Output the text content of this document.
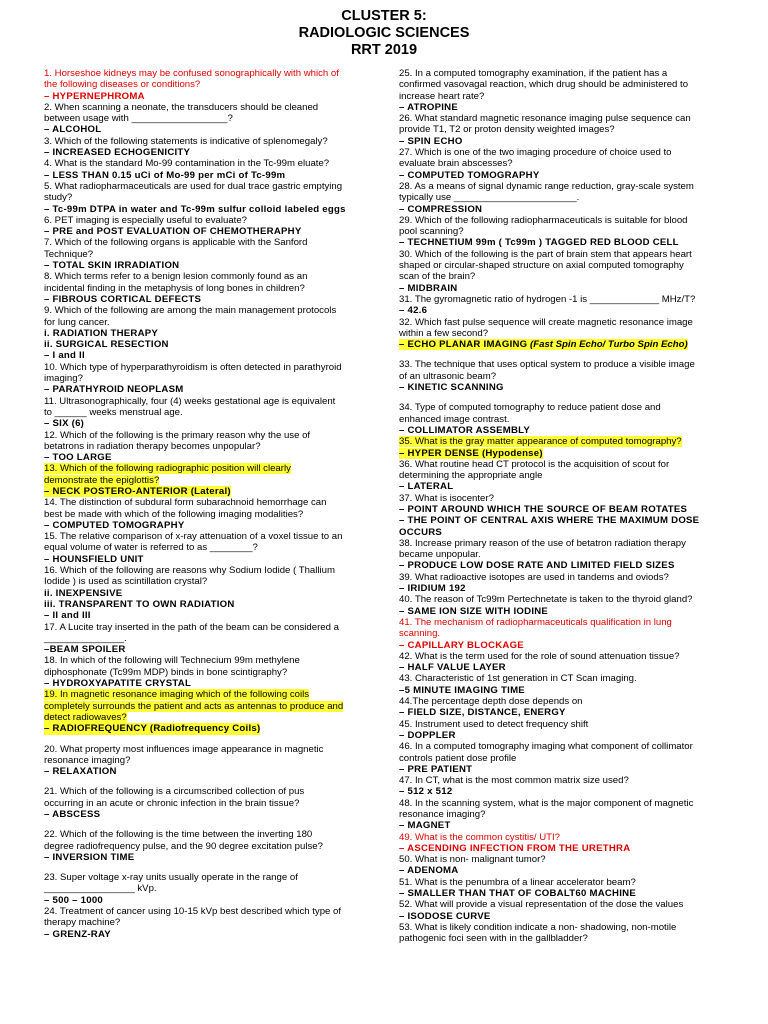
CLUSTER 5:
RADIOLOGIC SCIENCES
RRT 2019
1. Horseshoe kidneys may be confused sonographically with which of
the following diseases or conditions?
– HYPERNEPHROMA
2. When scanning a neonate, the transducers should be cleaned
between usage with __________________?
– ALCOHOL
3. Which of the following statements is indicative of splenomegaly?
– INCREASED ECHOGENICITY
4. What is the standard Mo-99 contamination in the Tc-99m eluate?
– LESS THAN 0.15 uCi of Mo-99 per mCi of Tc-99m
5. What radiopharmaceuticals are used for dual trace gastric emptying
study?
– Tc-99m DTPA in water and Tc-99m sulfur colloid labeled eggs
6. PET imaging is especially useful to evaluate?
– PRE and POST EVALUATION OF CHEMOTHERAPHY
7. Which of the following organs is applicable with the Sanford
Technique?
– TOTAL SKIN IRRADIATION
8. Which terms refer to a benign lesion commonly found as an
incidental finding in the metaphysis of long bones in children?
– FIBROUS CORTICAL DEFECTS
9. Which of the following are among the main management protocols
for lung cancer.
i. RADIATION THERAPY
ii. SURGICAL RESECTION
– I and II
10. Which type of hyperparathyroidism is often detected in parathyroid
imaging?
– PARATHYROID NEOPLASM
11. Ultrasonographically, four (4) weeks gestational age is equivalent
to ______ weeks menstrual age.
– SIX (6)
12. Which of the following is the primary reason why the use of
betatrons in radiation therapy becomes unpopular?
– TOO LARGE
13. Which of the following radiographic position will clearly
demonstrate the epiglottis?
– NECK POSTERO-ANTERIOR (Lateral)

14. The distinction of subdural form subarachnoid hemorrhage can
best be made with which of the following imaging modalities?
– COMPUTED TOMOGRAPHY
15. The relative comparison of x-ray attenuation of a voxel tissue to an
equal volume of water is referred to as ________?
– HOUNSFIELD UNIT
16. Which of the following are reasons why Sodium Iodide ( Thallium
Iodide ) is used as scintillation crystal?
ii. INEXPENSIVE
iii. TRANSPARENT TO OWN RADIATION
– II and III
17. A Lucite tray inserted in the path of the beam can be considered a
_______________.
–BEAM SPOILER
18. In which of the following will Technecium 99m methylene
diphosphonate (Tc99m MDP) binds in bone scintigraphy?
– HYDROXYAPATITE CRYSTAL
19. In magnetic resonance imaging which of the following coils
completely surrounds the patient and acts as antennas to produce and
detect radiowaves?
– RADIOFREQUENCY (Radiofrequency Coils)

20. What property most influences image appearance in magnetic
resonance imaging?
– RELAXATION
21. Which of the following is a circumscribed collection of pus
occurring in an acute or chronic infection in the brain tissue?
– ABSCESS
22. Which of the following is the time between the inverting 180
degree radiofrequency pulse, and the 90 degree excitation pulse?
– INVERSION TIME
23. Super voltage x-ray units usually operate in the range of
_________________ kVp.
– 500 – 1000
24. Treatment of cancer using 10-15 kVp best described which type of
therapy machine?
– GRENZ-RAY
25. In a computed tomography examination, if the patient has a
confirmed vasovagal reaction, which drug should be administered to
increase heart rate?
– ATROPINE
26. What standard magnetic resonance imaging pulse sequence can
provide T1, T2 or proton density weighted images?
– SPIN ECHO
27. Which is one of the two imaging procedure of choice used to
evaluate brain abscesses?
– COMPUTED TOMOGRAPHY
28. As a means of signal dynamic range reduction, gray-scale system
typically use _______________________.
– COMPRESSION
29. Which of the following radiopharmaceuticals is suitable for blood
pool scanning?
– TECHNETIUM 99m ( Tc99m ) TAGGED RED BLOOD CELL
30. Which of the following is the part of brain stem that appears heart
shaped or circular-shaped structure on axial computed tomography
scan of the brain?
– MIDBRAIN
31. The gyromagnetic ratio of hydrogen -1 is _____________ MHz/T?
– 42.6
32. Which fast pulse sequence will create magnetic resonance image
within a few second?
– ECHO PLANAR IMAGING (Fast Spin Echo/ Turbo Spin Echo)
33. The technique that uses optical system to produce a visible image
of an ultrasonic beam?
– KINETIC SCANNING
34. Type of computed tomography to reduce patient dose and
enhanced image contrast.
– COLLIMATOR ASSEMBLY
35. What is the gray matter appearance of computed tomography?
– HYPER DENSE (Hypodense)

36. What routine head CT protocol is the acquisition of scout for
determining the appropriate angle
– LATERAL
37. What is isocenter?
– POINT AROUND WHICH THE SOURCE OF BEAM ROTATES
– THE POINT OF CENTRAL AXIS WHERE THE MAXIMUM DOSE
OCCURS
38. Increase primary reason of the use of betatron radiation therapy
became unpopular.
– PRODUCE LOW DOSE RATE AND LIMITED FIELD SIZES
39. What radioactive isotopes are used in tandems and oviods?
– IRIDIUM 192
40. The reason of Tc99m Pertechnetate is taken to the thyroid gland?
– SAME ION SIZE WITH IODINE
41. The mechanism of radiopharmaceuticals qualification in lung
scanning.
– CAPILLARY BLOCKAGE
42. What is the term used for the role of sound attenuation tissue?
– HALF VALUE LAYER
43. Characteristic of 1st generation in CT Scan imaging.
–5 MINUTE IMAGING TIME
44.The percentage depth dose depends on
– FIELD SIZE, DISTANCE, ENERGY
45. Instrument used to detect frequency shift
– DOPPLER
46. In a computed tomography imaging what component of collimator
controls patient dose profile
– PRE PATIENT
47. In CT, what is the most common matrix size used?
– 512 x 512
48. In the scanning system, what is the major component of magnetic
resonance imaging?
– MAGNET
49. What is the common cystitis/ UTI?
– ASCENDING INFECTION FROM THE URETHRA
50. What is non- malignant tumor?
– ADENOMA
51. What is the penumbra of a linear accelerator beam?
– SMALLER THAN THAT OF COBALT60 MACHINE
52. What will provide a visual representation of the dose the values
– ISODOSE CURVE
53. What is likely condition indicate a non- shadowing, non-motile
pathogenic foci seen with in the gallbladder?
